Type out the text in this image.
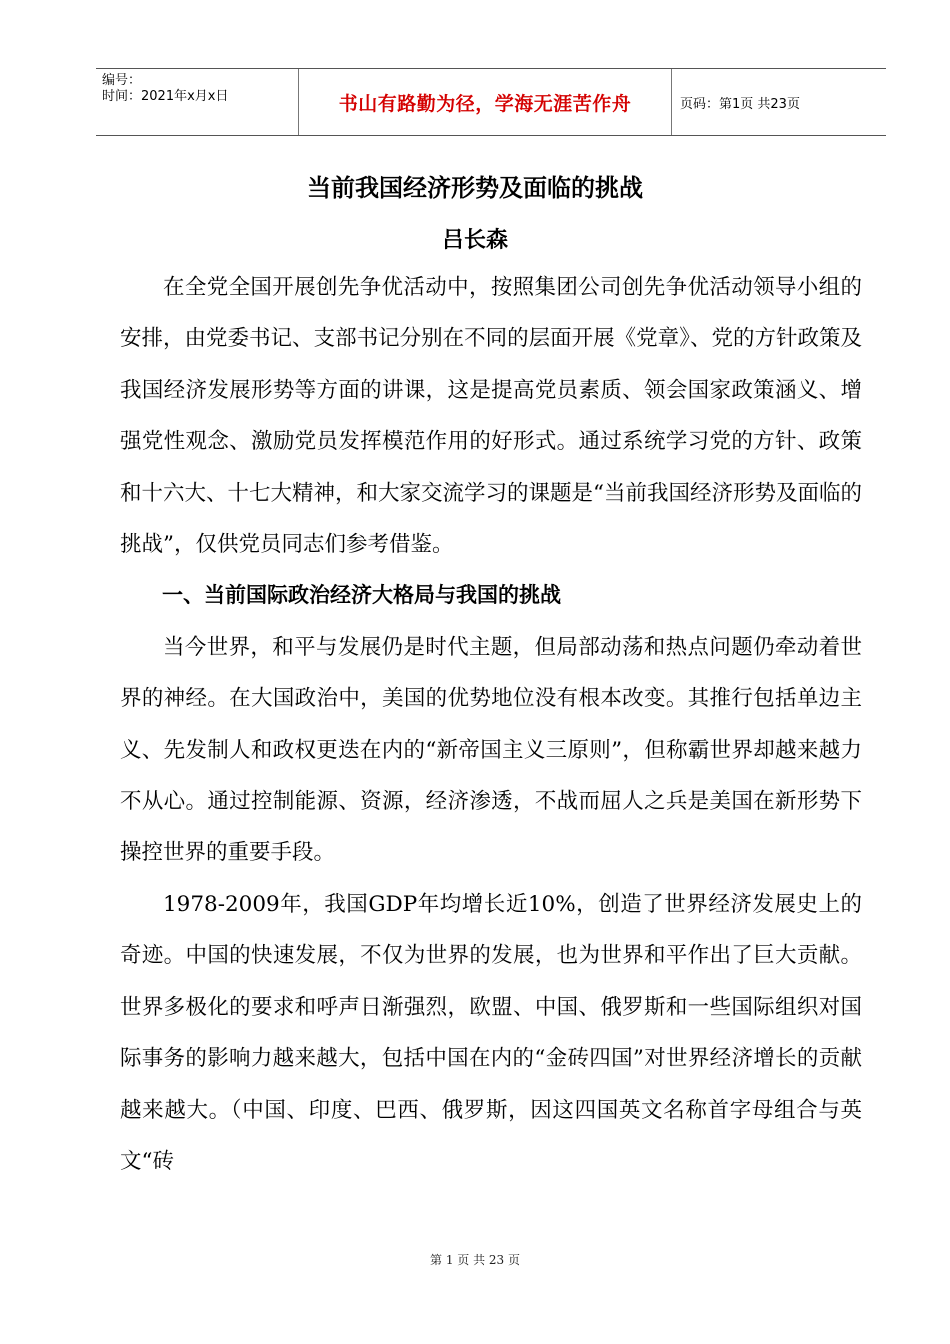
编号：
时间：2021年x月x日	书山有路勤为径，学海无涯苦作舟	页码：第1页 共23页
当前我国经济形势及面临的挑战
吕长森

在全党全国开展创先争优活动中，按照集团公司创先争优活动领导小组的安排，由党委书记、支部书记分别在不同的层面开展《党章》、党的方针政策及我国经济发展形势等方面的讲课，这是提高党员素质、领会国家政策涵义、增强党性观念、激励党员发挥模范作用的好形式。通过系统学习党的方针、政策和十六大、十七大精神，和大家交流学习的课题是“当前我国经济形势及面临的挑战”，仅供党员同志们参考借鉴。

一、当前国际政治经济大格局与我国的挑战

当今世界，和平与发展仍是时代主题，但局部动荡和热点问题仍牵动着世界的神经。在大国政治中，美国的优势地位没有根本改变。其推行包括单边主义、先发制人和政权更迭在内的“新帝国主义三原则”，但称霸世界却越来越力不从心。通过控制能源、资源，经济渗透，不战而屈人之兵是美国在新形势下操控世界的重要手段。

1978-2009年，我国GDP年均增长近10%，创造了世界经济发展史上的奇迹。中国的快速发展，不仅为世界的发展，也为世界和平作出了巨大贡献。世界多极化的要求和呼声日渐强烈，欧盟、中国、俄罗斯和一些国际组织对国际事务的影响力越来越大，包括中国在内的“金砖四国”对世界经济增长的贡献越来越大。（中国、印度、巴西、俄罗斯，因这四国英文名称首字母组合与英文“砖

第 1 页 共 23 页
